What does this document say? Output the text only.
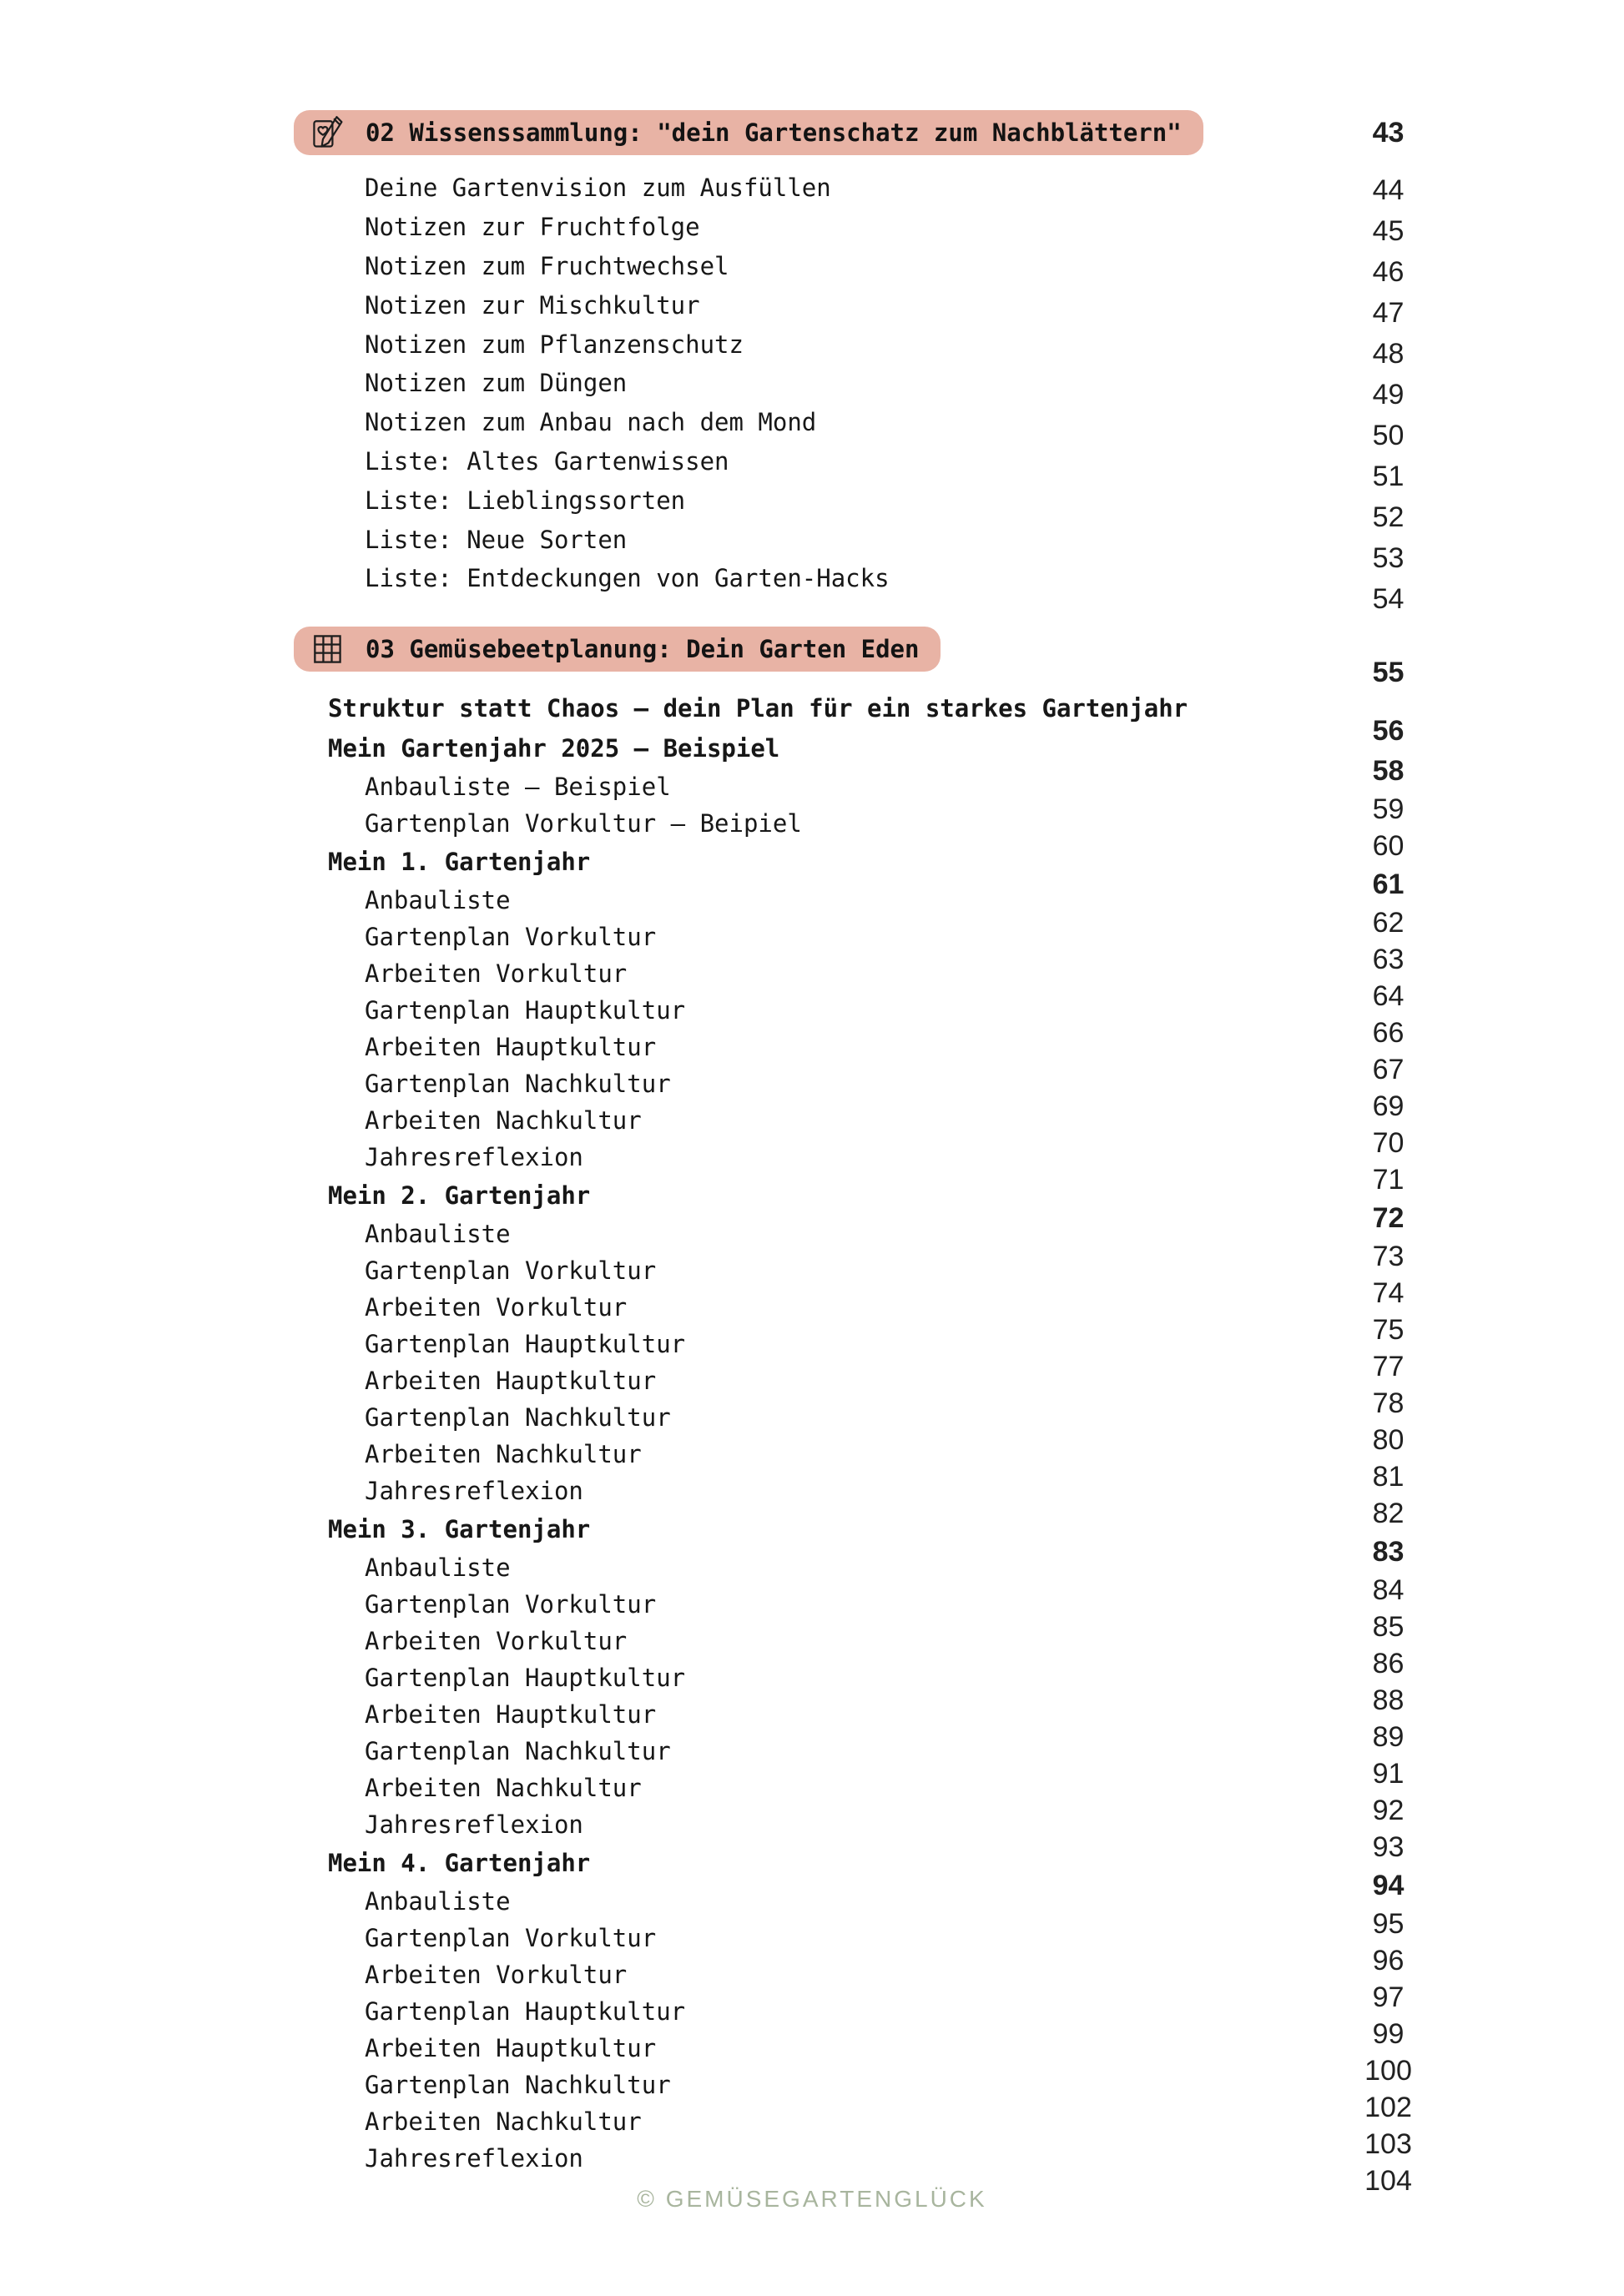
02 Wissenssammlung: "dein Gartenschatz zum Nachblättern"
Deine Gartenvision zum Ausfüllen
Notizen zur Fruchtfolge
Notizen zum Fruchtwechsel
Notizen zur Mischkultur
Notizen zum Pflanzenschutz
Notizen zum Düngen
Notizen zum Anbau nach dem Mond
Liste: Altes Gartenwissen
Liste: Lieblingssorten
Liste: Neue Sorten
Liste: Entdeckungen von Garten-Hacks
03 Gemüsebeetplanung: Dein Garten Eden
Struktur statt Chaos – dein Plan für ein starkes Gartenjahr
Mein Gartenjahr 2025 – Beispiel
Anbauliste – Beispiel
Gartenplan Vorkultur – Beipiel
Mein 1. Gartenjahr
Anbauliste
Gartenplan Vorkultur
Arbeiten Vorkultur
Gartenplan Hauptkultur
Arbeiten Hauptkultur
Gartenplan Nachkultur
Arbeiten Nachkultur
Jahresreflexion
Mein 2. Gartenjahr
Anbauliste
Gartenplan Vorkultur
Arbeiten Vorkultur
Gartenplan Hauptkultur
Arbeiten Hauptkultur
Gartenplan Nachkultur
Arbeiten Nachkultur
Jahresreflexion
Mein 3. Gartenjahr
Anbauliste
Gartenplan Vorkultur
Arbeiten Vorkultur
Gartenplan Hauptkultur
Arbeiten Hauptkultur
Gartenplan Nachkultur
Arbeiten Nachkultur
Jahresreflexion
Mein 4. Gartenjahr
Anbauliste
Gartenplan Vorkultur
Arbeiten Vorkultur
Gartenplan Hauptkultur
Arbeiten Hauptkultur
Gartenplan Nachkultur
Arbeiten Nachkultur
Jahresreflexion
43
44
45
46
47
48
49
50
51
52
53
54
55
56
58
59
60
61
62
63
64
66
67
69
70
71
72
73
74
75
77
78
80
81
82
83
84
85
86
88
89
91
92
93
94
95
96
97
99
100
102
103
104
© GEMÜSEGARTENGLÜCK
